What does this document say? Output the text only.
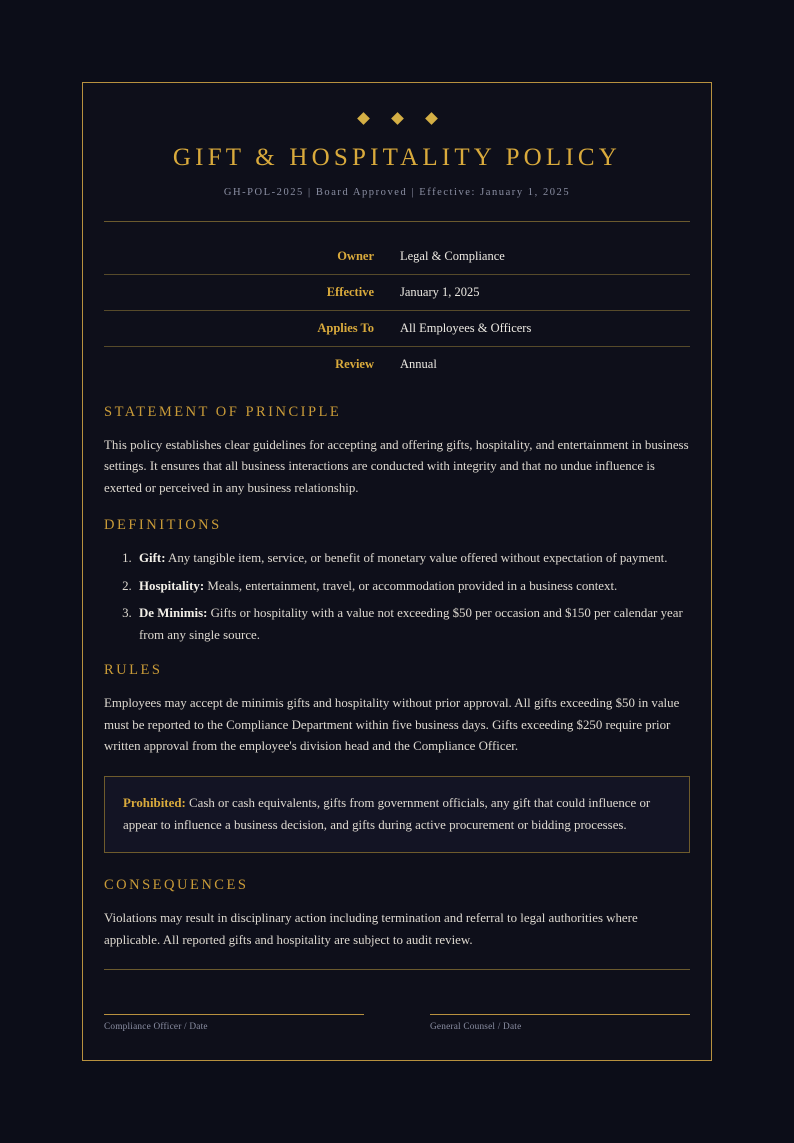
GIFT & HOSPITALITY POLICY
GH-POL-2025 | Board Approved | Effective: January 1, 2025
Owner	Legal & Compliance
Effective	January 1, 2025
Applies To	All Employees & Officers
Review	Annual
STATEMENT OF PRINCIPLE

This policy establishes clear guidelines for accepting and offering gifts, hospitality, and entertainment in business settings. It ensures that all business interactions are conducted with integrity and that no undue influence is exerted or perceived in any business relationship.

DEFINITIONS
1. Gift: Any tangible item, service, or benefit of monetary value offered without expectation of payment.
2. Hospitality: Meals, entertainment, travel, or accommodation provided in a business context.
3. De Minimis: Gifts or hospitality with a value not exceeding $50 per occasion and $150 per calendar year from any single source.
RULES

Employees may accept de minimis gifts and hospitality without prior approval. All gifts exceeding $50 in value must be reported to the Compliance Department within five business days. Gifts exceeding $250 require prior written approval from the employee's division head and the Compliance Officer.

Prohibited: Cash or cash equivalents, gifts from government officials, any gift that could influence or appear to influence a business decision, and gifts during active procurement or bidding processes.

CONSEQUENCES

Violations may result in disciplinary action including termination and referral to legal authorities where applicable. All reported gifts and hospitality are subject to audit review.

Compliance Officer / Date	General Counsel / Date
